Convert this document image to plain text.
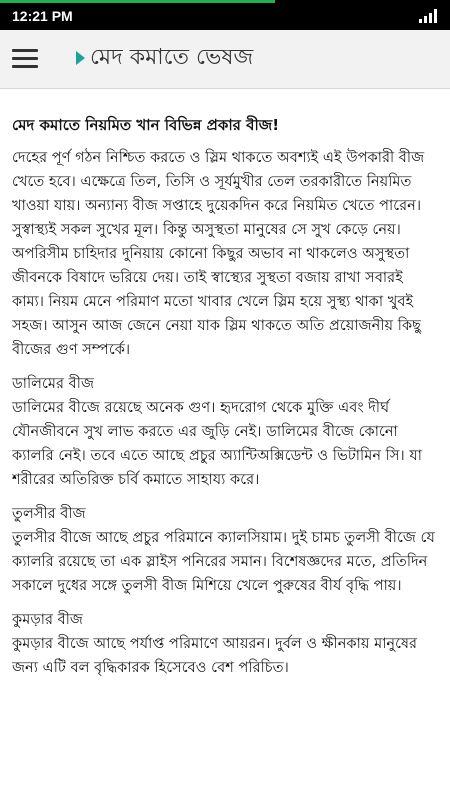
12:21 PM
মেদ কমাতে ভেষজ
মেদ কমাতে নিয়মিত খান বিভিন্ন প্রকার বীজ!

দেহের পূর্ণ গঠন নিশ্চিত করতে ও স্লিম থাকতে অবশ্যই এই উপকারী বীজ খেতে হবে। এক্ষেত্রে তিল, তিসি ও সূর্যমুখীর তেল তরকারীতে নিয়মিত খাওয়া যায়। অন্যান্য বীজ সপ্তাহে দুয়েকদিন করে নিয়মিত খেতে পারেন। সুস্বাস্থ্যই সকল সুখের মূল। কিন্তু অসুস্থতা মানুষের সে সুখ কেড়ে নেয়। অপরিসীম চাহিদার দুনিয়ায় কোনো কিছুর অভাব না থাকলেও অসুস্থতা জীবনকে বিষাদে ভরিয়ে দেয়। তাই স্বাস্থ্যের সুস্থতা বজায় রাখা সবারই কাম্য। নিয়ম মেনে পরিমাণ মতো খাবার খেলে স্লিম হয়ে সুস্থ্য থাকা খুবই সহজ। আসুন আজ জেনে নেয়া যাক স্লিম থাকতে অতি প্রয়োজনীয় কিছু বীজের গুণ সম্পর্কে।

ডালিমের বীজ

ডালিমের বীজে রয়েছে অনেক গুণ। হৃদরোগ থেকে মুক্তি এবং দীর্ঘ যৌনজীবনে সুখ লাভ করতে এর জুড়ি নেই। ডালিমের বীজে কোনো ক্যালরি নেই। তবে এতে আছে প্রচুর অ্যান্টিঅক্সিডেন্ট ও ভিটামিন সি। যা শরীরের অতিরিক্ত চর্বি কমাতে সাহায্য করে।

তুলসীর বীজ

তুলসীর বীজে আছে প্রচুর পরিমানে ক্যালসিয়াম। দুই চামচ তুলসী বীজে যে ক্যালরি রয়েছে তা এক স্লাইস পনিরের সমান। বিশেষজ্ঞদের মতে, প্রতিদিন সকালে দুধের সঙ্গে তুলসী বীজ মিশিয়ে খেলে পুরুষের বীর্য বৃদ্ধি পায়।

কুমড়ার বীজ

কুমড়ার বীজে আছে পর্যাপ্ত পরিমাণে আয়রন। দুর্বল ও ক্ষীনকায় মানুষের জন্য এটি বল বৃদ্ধিকারক হিসেবেও বেশ পরিচিত।
